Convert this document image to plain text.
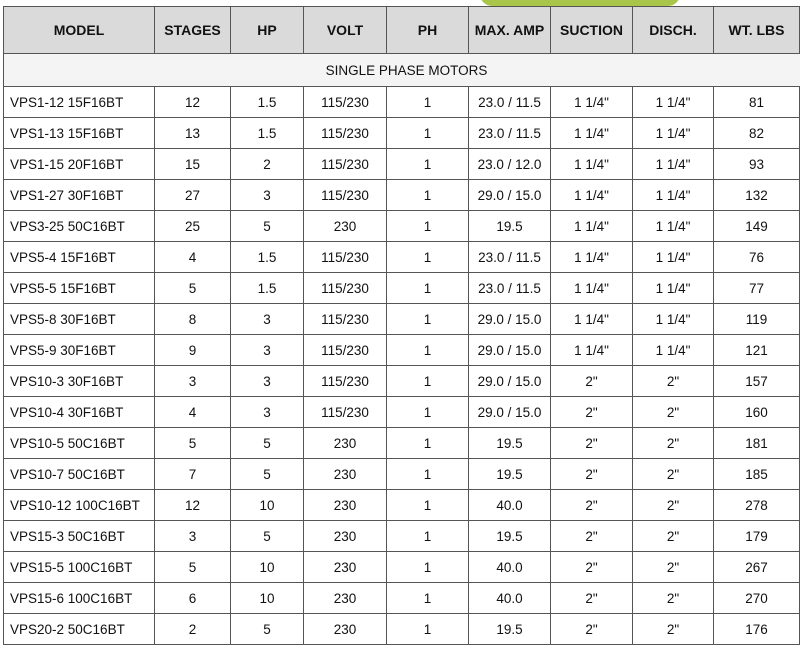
MODEL	STAGES	HP	VOLT	PH	MAX. AMP	SUCTION	DISCH.	WT. LBS	
SINGLE PHASE MOTORS									
VPS1-12 15F16BT	12	1.5	115/230	1	23.0 / 11.5	1 1/4"	1 1/4"	81	
VPS1-13 15F16BT	13	1.5	115/230	1	23.0 / 11.5	1 1/4"	1 1/4"	82	
VPS1-15 20F16BT	15	2	115/230	1	23.0 / 12.0	1 1/4"	1 1/4"	93	
VPS1-27 30F16BT	27	3	115/230	1	29.0 / 15.0	1 1/4"	1 1/4"	132	
VPS3-25 50C16BT	25	5	230	1	19.5	1 1/4"	1 1/4"	149	
VPS5-4 15F16BT	4	1.5	115/230	1	23.0 / 11.5	1 1/4"	1 1/4"	76	
VPS5-5 15F16BT	5	1.5	115/230	1	23.0 / 11.5	1 1/4"	1 1/4"	77	
VPS5-8 30F16BT	8	3	115/230	1	29.0 / 15.0	1 1/4"	1 1/4"	119	
VPS5-9 30F16BT	9	3	115/230	1	29.0 / 15.0	1 1/4"	1 1/4"	121	
VPS10-3 30F16BT	3	3	115/230	1	29.0 / 15.0	2"	2"	157	
VPS10-4 30F16BT	4	3	115/230	1	29.0 / 15.0	2"	2"	160	
VPS10-5 50C16BT	5	5	230	1	19.5	2"	2"	181	
VPS10-7 50C16BT	7	5	230	1	19.5	2"	2"	185	
VPS10-12 100C16BT	12	10	230	1	40.0	2"	2"	278	
VPS15-3 50C16BT	3	5	230	1	19.5	2"	2"	179	
VPS15-5 100C16BT	5	10	230	1	40.0	2"	2"	267	
VPS15-6 100C16BT	6	10	230	1	40.0	2"	2"	270	
VPS20-2 50C16BT	2	5	230	1	19.5	2"	2"	176	
